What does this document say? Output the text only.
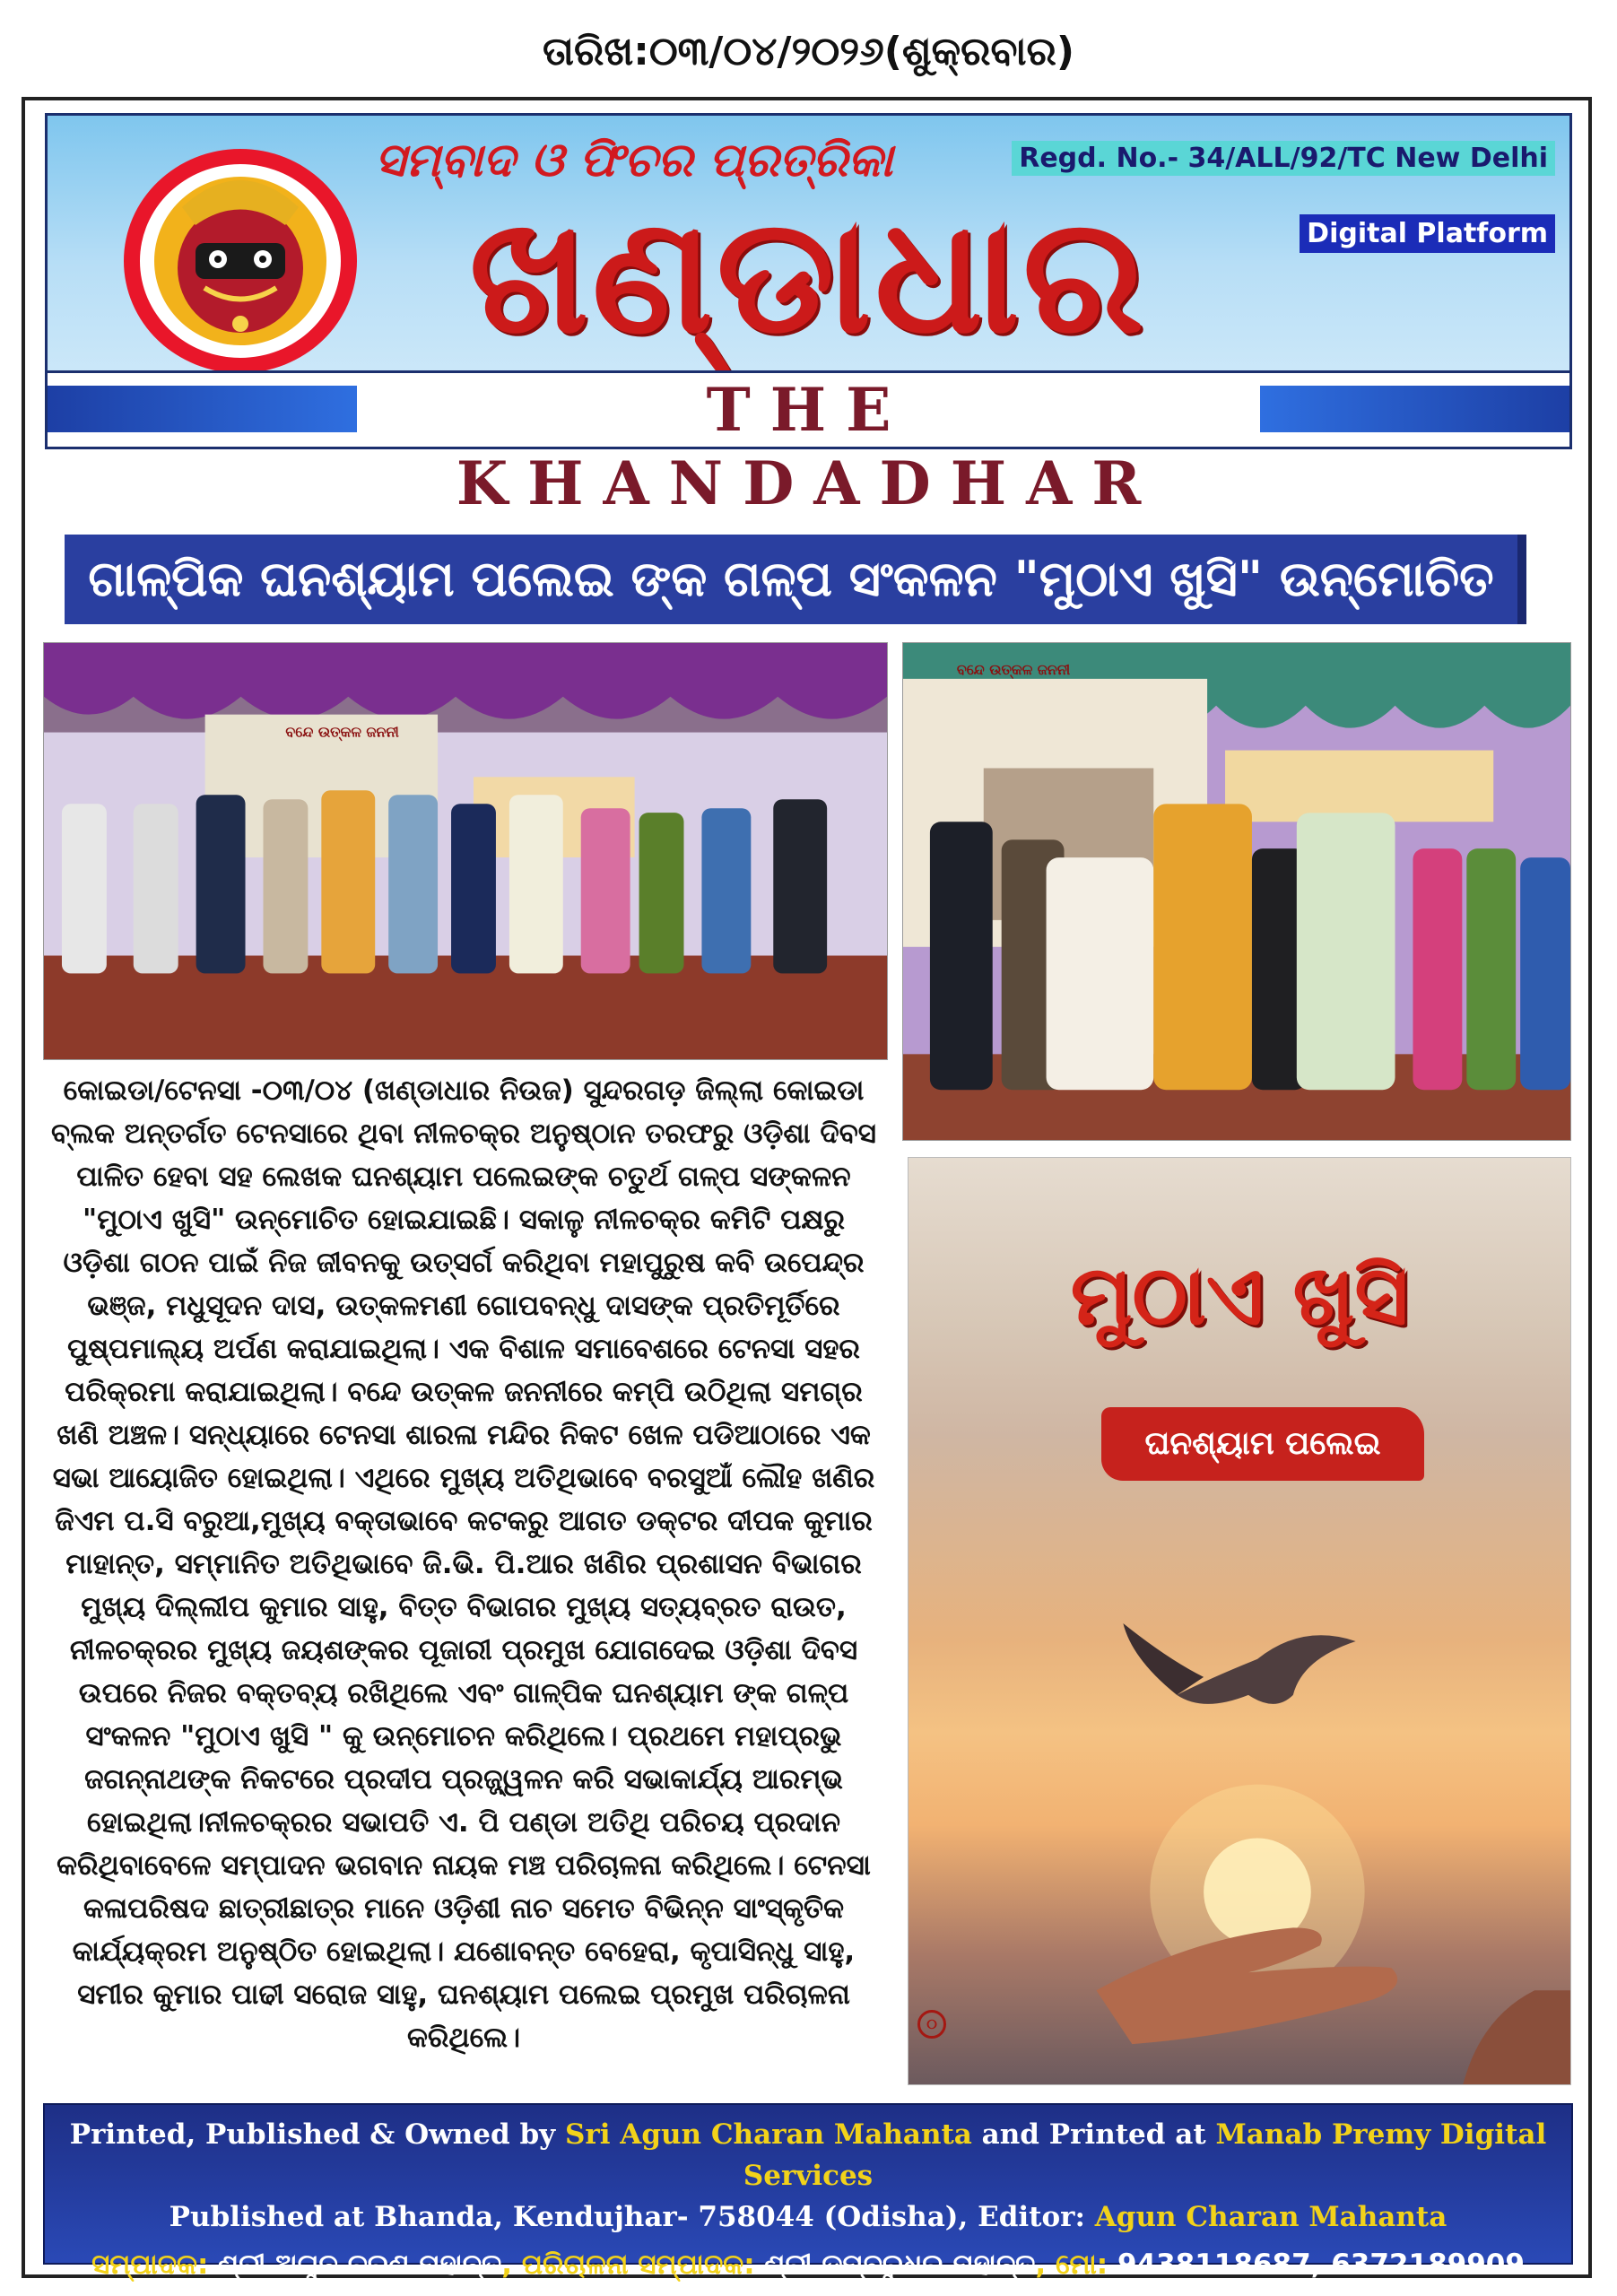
ତାରିଖ:୦୩/୦୪/୨୦୨୬(ଶୁକ୍ରବାର)
ସମ୍ବାଦ ଓ ଫିଚର ପ୍ରତ୍ରିକା
ଖଣ୍ଡାଧାର
Regd. No.- 34/ALL/92/TC New Delhi
Digital Platform
THE KHANDADHAR
ଗାଳ୍ପିକ ଘନଶ୍ୟାମ ପଲେଇ ଙ୍କ ଗଳ୍ପ ସଂକଳନ "ମୁଠାଏ ଖୁସି" ଉନ୍ମୋଚିତ
ବନ୍ଦେ ଉତ୍କଳ ଜନନୀ
ବନ୍ଦେ ଉତ୍କଳ ଜନନୀ

କୋଇଡା/ଟେନସା -୦୩/୦୪ (ଖଣ୍ଡାଧାର ନିଉଜ) ସୁନ୍ଦରଗଡ଼ ଜିଲ୍ଲା କୋଇଡା ବ୍ଲକ ଅନ୍ତର୍ଗତ ଟେନସାରେ ଥିବା ନୀଳଚକ୍ର ଅନୁଷ୍ଠାନ ତରଫରୁ ଓଡ଼ିଶା ଦିବସ ପାଳିତ ହେବା ସହ ଲେଖକ ଘନଶ୍ୟାମ ପଲେଇଙ୍କ ଚତୁର୍ଥ ଗଳ୍ପ ସଙ୍କଳନ "ମୁଠାଏ ଖୁସି" ଉନ୍ମୋଚିତ ହୋଇଯାଇଛି। ସକାଳୁ ନୀଳଚକ୍ର କମିଟି ପକ୍ଷରୁ ଓଡ଼ିଶା ଗଠନ ପାଇଁ ନିଜ ଜୀବନକୁ ଉତ୍ସର୍ଗ କରିଥିବା ମହାପୁରୁଷ କବି ଉପେନ୍ଦ୍ର ଭଞ୍ଜ, ମଧୁସୂଦନ ଦାସ, ଉତ୍କଳମଣୀ ଗୋପବନ୍ଧୁ ଦାସଙ୍କ ପ୍ରତିମୂର୍ତିରେ ପୁଷ୍ପମାଲ୍ୟ ଅର୍ପଣ କରାଯାଇଥିଲା। ଏକ ବିଶାଳ ସମାବେଶରେ ଟେନସା ସହର ପରିକ୍ରମା କରାଯାଇଥିଲା। ବନ୍ଦେ ଉତ୍କଳ ଜନନୀରେ କମ୍ପି ଉଠିଥିଲା ସମଗ୍ର ଖଣି ଅଞ୍ଚଳ। ସନ୍ଧ୍ୟାରେ ଟେନସା ଶାରଳା ମନ୍ଦିର ନିକଟ ଖେଳ ପଡିଆଠାରେ ଏକ ସଭା ଆୟୋଜିତ ହୋଇଥିଲା। ଏଥିରେ ମୁଖ୍ୟ ଅତିଥିଭାବେ ବରସୁଆଁ ଲୌହ ଖଣିର ଜିଏମ ପ.ସି ବରୁଆ,ମୁଖ୍ୟ ବକ୍ତାଭାବେ କଟକରୁ ଆଗତ ଡକ୍ଟର ଦୀପକ କୁମାର ମାହାନ୍ତ, ସମ୍ମାନିତ ଅତିଥିଭାବେ ଜି.ଭି. ପି.ଆର ଖଣିର ପ୍ରଶାସନ ବିଭାଗର ମୁଖ୍ୟ ଦିଲ୍ଲୀପ କୁମାର ସାହୁ, ବିତ୍ତ ବିଭାଗର ମୁଖ୍ୟ ସତ୍ୟବ୍ରତ ରାଉତ, ନୀଳଚକ୍ରର ମୁଖ୍ୟ ଜୟଶଙ୍କର ପୂଜାରୀ ପ୍ରମୁଖ ଯୋଗଦେଇ ଓଡ଼ିଶା ଦିବସ ଉପରେ ନିଜର ବକ୍ତବ୍ୟ ରଖିଥିଲେ ଏବଂ ଗାଳ୍ପିକ ଘନଶ୍ୟାମ ଙ୍କ ଗଳ୍ପ ସଂକଳନ "ମୁଠାଏ ଖୁସି " କୁ ଉନ୍ମୋଚନ କରିଥିଲେ। ପ୍ରଥମେ ମହାପ୍ରଭୁ ଜଗନ୍ନାଥଙ୍କ ନିକଟରେ ପ୍ରଦୀପ ପ୍ରଜ୍ଜ୍ୱଳନ କରି ସଭାକାର୍ଯ୍ୟ ଆରମ୍ଭ ହୋଇଥିଲା।ନୀଳଚକ୍ରର ସଭାପତି ଏ. ପି ପଣ୍ଡା ଅତିଥି ପରିଚୟ ପ୍ରଦାନ କରିଥିବାବେଳେ ସମ୍ପାଦନ ଭଗବାନ ନାୟକ ମଞ୍ଚ ପରିଚାଳନା କରିଥିଲେ। ଟେନସା କଳାପରିଷଦ ଛାତ୍ରୀଛାତ୍ର ମାନେ ଓଡ଼ିଶୀ ନାଚ ସମେତ ବିଭିନ୍ନ ସାଂସ୍କୃତିକ କାର୍ଯ୍ୟକ୍ରମ ଅନୁଷ୍ଠିତ ହୋଇଥିଲା। ଯଶୋବନ୍ତ ବେହେରା, କୃପାସିନ୍ଧୁ ସାହୁ, ସମୀର କୁମାର ପାଢୀ ସରୋଜ ସାହୁ, ଘନଶ୍ୟାମ ପଲେଇ ପ୍ରମୁଖ ପରିଚାଳନା କରିଥିଲେ।

ମୁଠାଏ ଖୁସି
ଘନଶ୍ୟାମ ପଲେଇ
୦
Printed, Published & Owned by Sri Agun Charan Mahanta and Printed at Manab Premy Digital Services
Published at Bhanda, Kendujhar- 758044 (Odisha), Editor: Agun Charan Mahanta
ସମ୍ପାଦକ: ଶ୍ରୀ ଅଗୁନ ଚରଣ ମହାନ୍ତ, ପରିଚାଳନା ସମ୍ପାଦକ: ଶ୍ରୀ ଡମ୍ବରୁଧର ମହାନ୍ତ, ମୋ: 9438118687, 6372189909
